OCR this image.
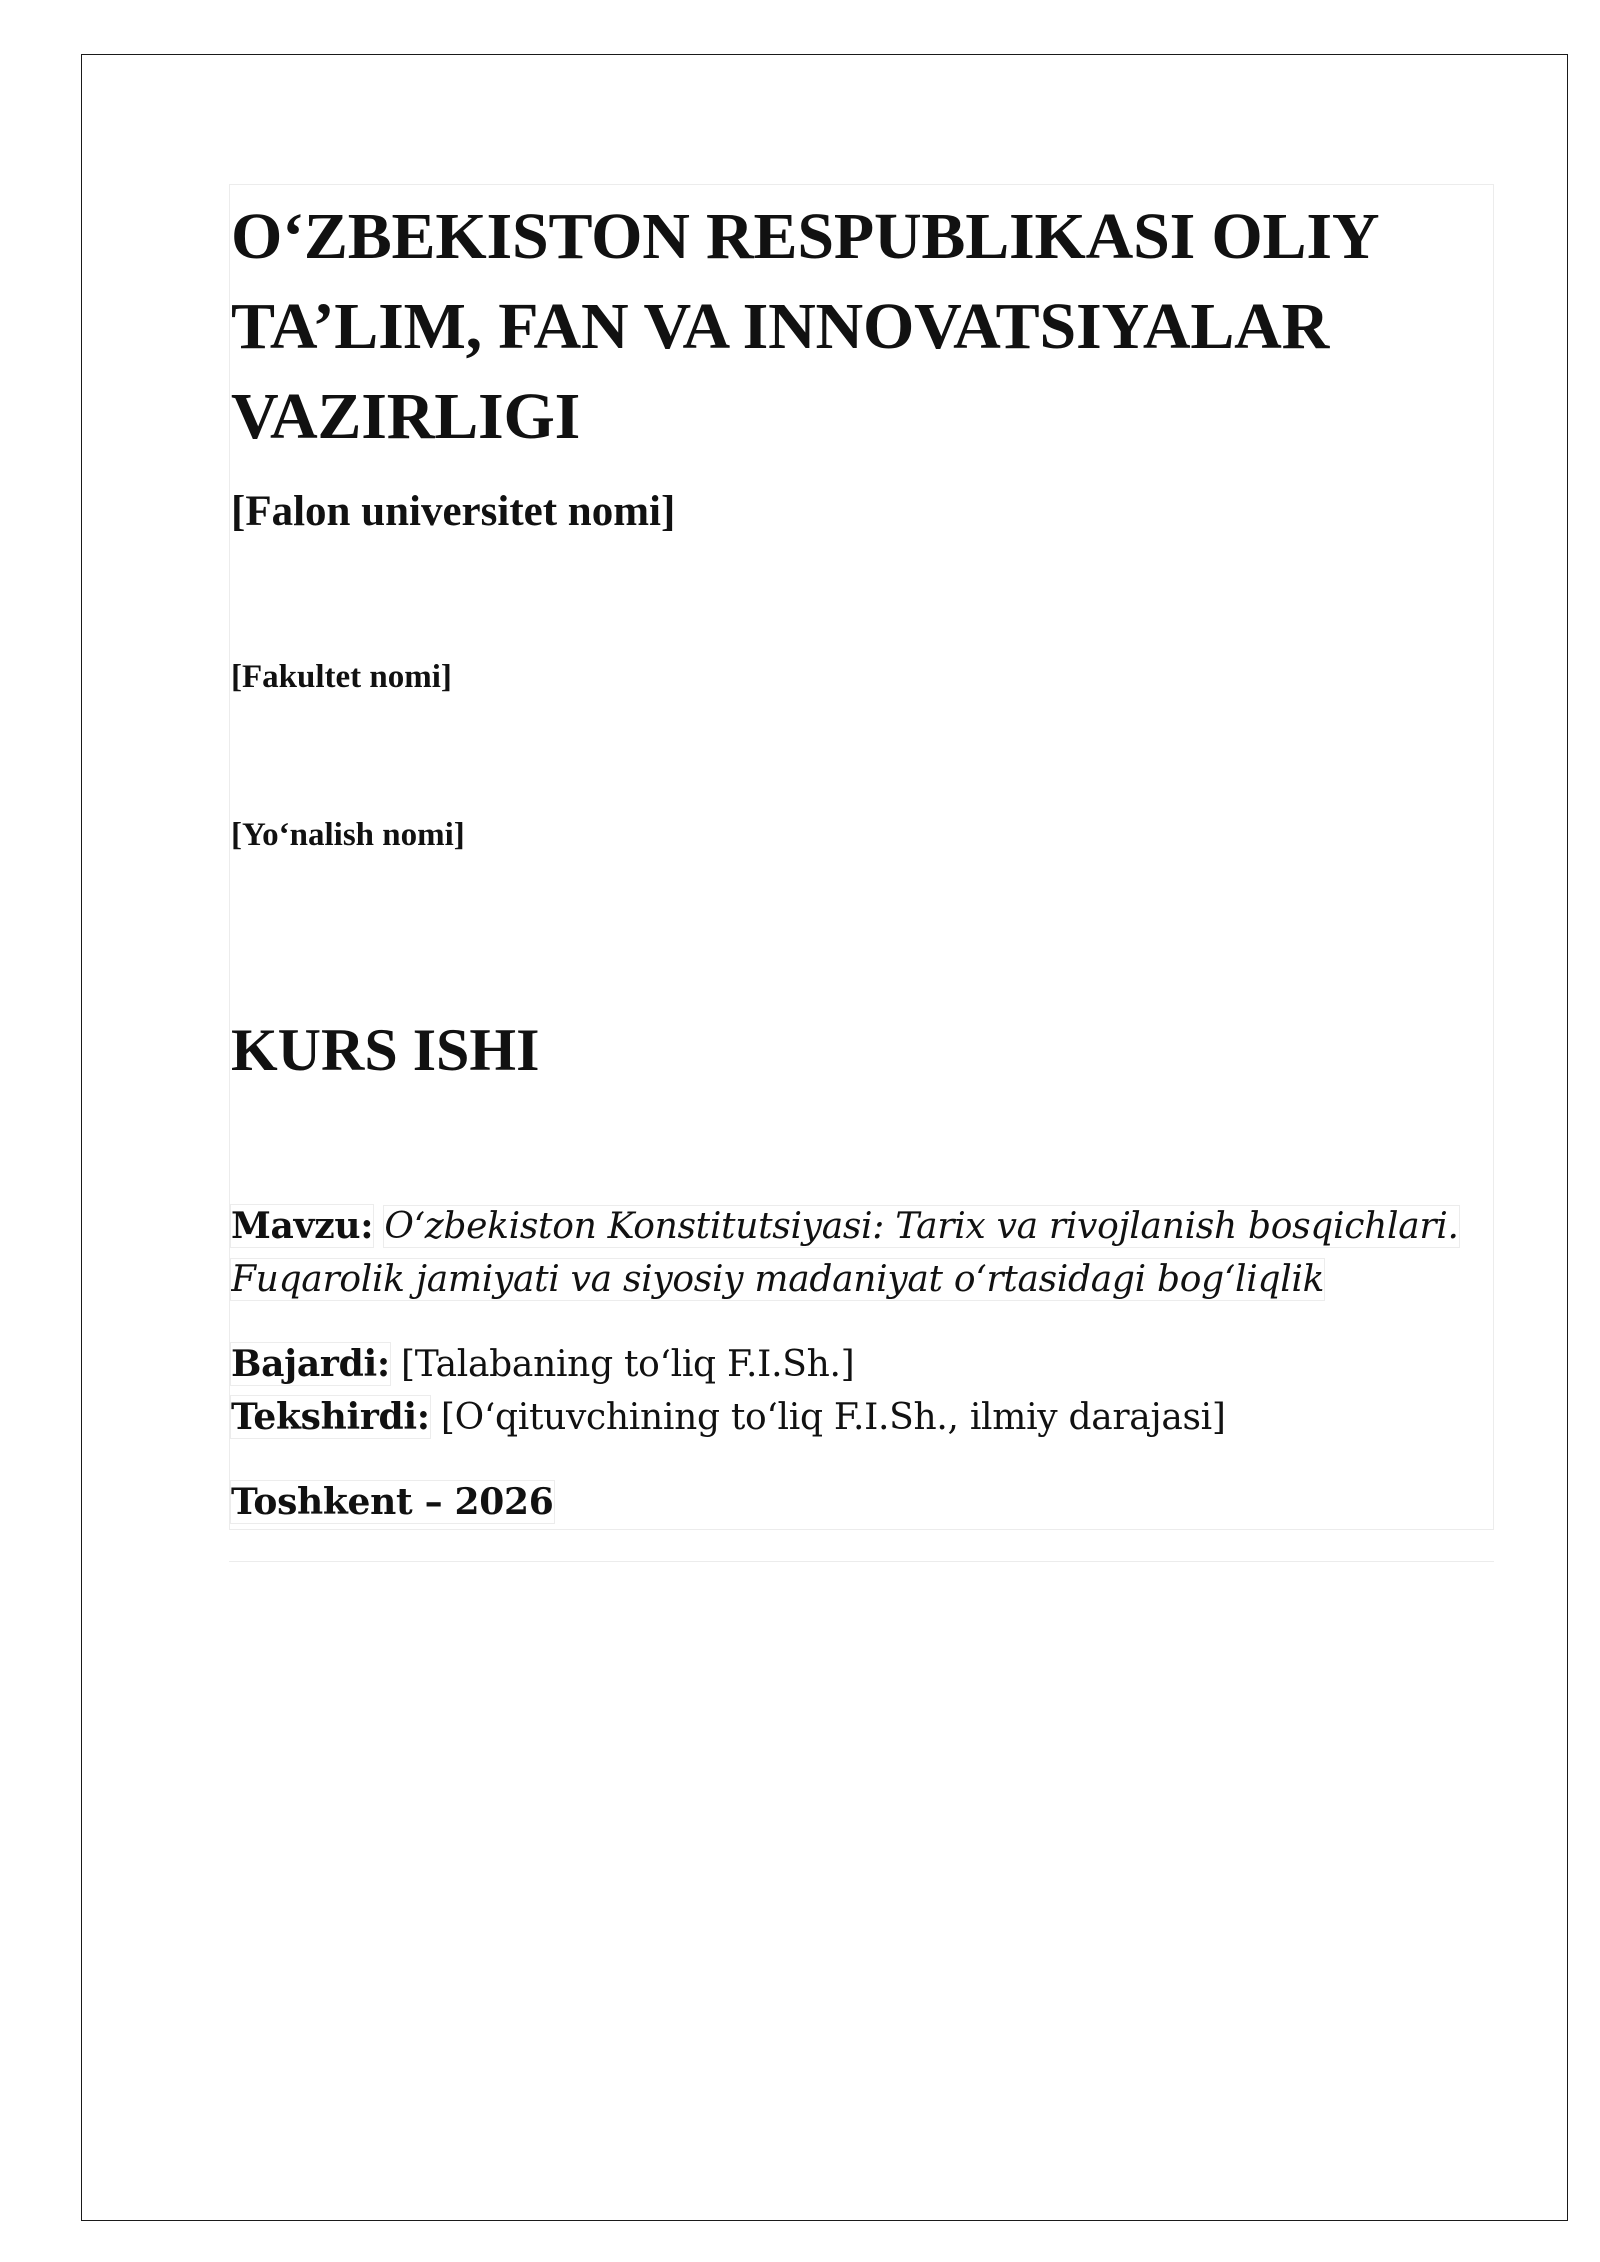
O‘ZBEKISTON RESPUBLIKASI OLIY TA’LIM, FAN VA INNOVATSIYALAR VAZIRLIGI
[Falon universitet nomi]

[Fakultet nomi]

[Yo‘nalish nomi]

KURS ISHI

Mavzu: O‘zbekiston Konstitutsiyasi: Tarix va rivojlanish bosqichlari. Fuqarolik jamiyati va siyosiy madaniyat o‘rtasidagi bog‘liqlik

Bajardi: [Talabaning to‘liq F.I.Sh.]
Tekshirdi: [O‘qituvchining to‘liq F.I.Sh., ilmiy darajasi]

Toshkent – 2026
